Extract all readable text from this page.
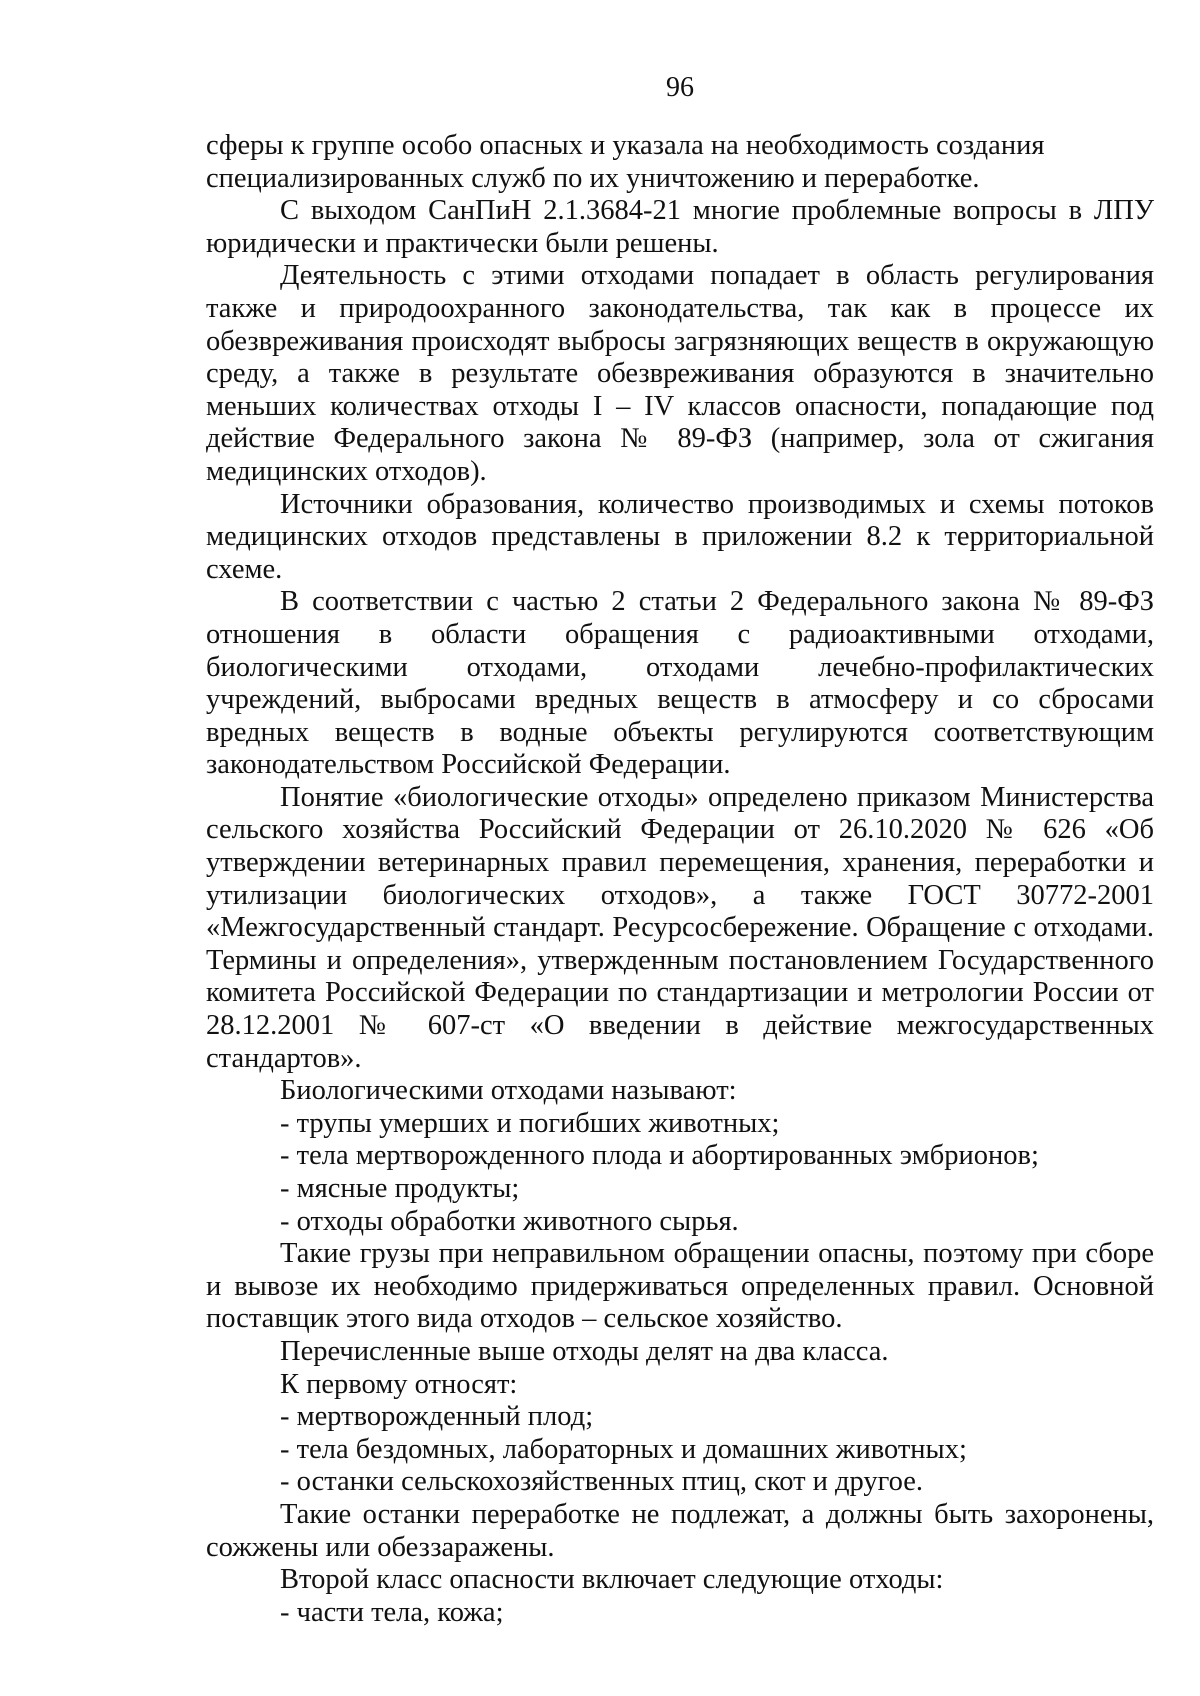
96

сферы к группе особо опасных и указала на необходимость создания специализированных служб по их уничтожению и переработке.

С выходом СанПиН 2.1.3684-21 многие проблемные вопросы в ЛПУ юридически и практически были решены.

Деятельность с этими отходами попадает в область регулирования также и природоохранного законодательства, так как в процессе их обезвреживания происходят выбросы загрязняющих веществ в окружающую среду, а также в результате обезвреживания образуются в значительно меньших количествах отходы I – IV классов опасности, попадающие под действие Федерального закона № 89-ФЗ (например, зола от сжигания медицинских отходов).

Источники образования, количество производимых и схемы потоков медицинских отходов представлены в приложении 8.2 к территориальной схеме.

В соответствии с частью 2 статьи 2 Федерального закона № 89-ФЗ отношения в области обращения с радиоактивными отходами, биологическими отходами, отходами лечебно-профилактических учреждений, выбросами вредных веществ в атмосферу и со сбросами вредных веществ в водные объекты регулируются соответствующим законодательством Российской Федерации.

Понятие «биологические отходы» определено приказом Министерства сельского хозяйства Российский Федерации от 26.10.2020 № 626 «Об утверждении ветеринарных правил перемещения, хранения, переработки и утилизации биологических отходов», а также ГОСТ 30772-2001 «Межгосударственный стандарт. Ресурсосбережение. Обращение с отходами. Термины и определения», утвержденным постановлением Государственного комитета Российской Федерации по стандартизации и метрологии России от 28.12.2001 № 607-ст «О введении в действие межгосударственных стандартов».

Биологическими отходами называют:

- трупы умерших и погибших животных;

- тела мертворожденного плода и абортированных эмбрионов;

- мясные продукты;

- отходы обработки животного сырья.

Такие грузы при неправильном обращении опасны, поэтому при сборе и вывозе их необходимо придерживаться определенных правил. Основной поставщик этого вида отходов – сельское хозяйство.

Перечисленные выше отходы делят на два класса.

К первому относят:

- мертворожденный плод;

- тела бездомных, лабораторных и домашних животных;

- останки сельскохозяйственных птиц, скот и другое.

Такие останки переработке не подлежат, а должны быть захоронены, сожжены или обеззаражены.

Второй класс опасности включает следующие отходы:

- части тела, кожа;
